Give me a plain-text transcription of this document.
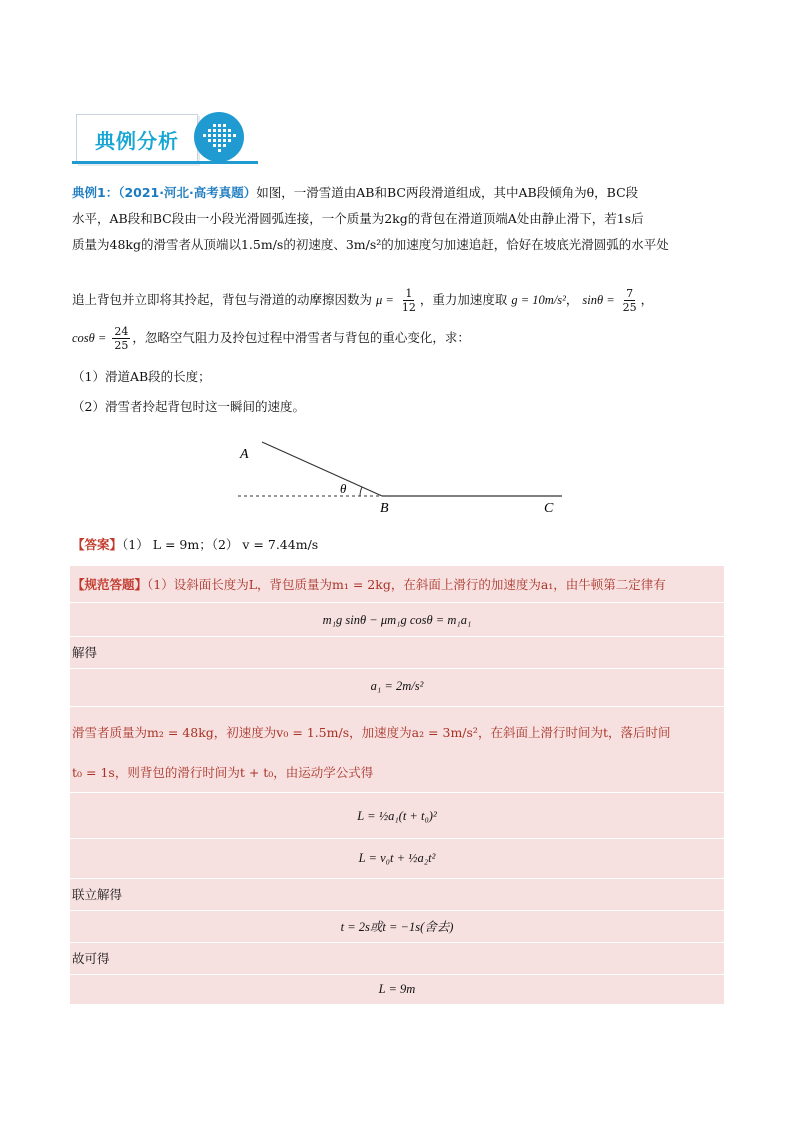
典例分析
典例1：（2021·河北·高考真题）如图，一滑雪道由AB和BC两段滑道组成，其中AB段倾角为θ，BC段
水平，AB段和BC段由一小段光滑圆弧连接，一个质量为2kg的背包在滑道顶端A处由静止滑下，若1s后
质量为48kg的滑雪者从顶端以1.5m/s的初速度、3m/s²的加速度匀加速追赶，恰好在坡底光滑圆弧的水平处
追上背包并立即将其拎起，背包与滑道的动摩擦因数为 $\mu = \frac{1}{12}$ ，重力加速度取 g = 10m/s²， $\sin\theta = \frac{7}{25}$ ，
$\cos\theta = \frac{24}{25}$ ，忽略空气阻力及拎包过程中滑雪者与背包的重心变化，求：
（1）滑道AB段的长度；
（2）滑雪者拎起背包时这一瞬间的速度。
A
θ
B	C
【答案】（1） L = 9m；（2） v = 7.44m/s
【规范答题】（1）设斜面长度为L，背包质量为m₁ = 2kg，在斜面上滑行的加速度为a₁，由牛顿第二定律有
m₁g sinθ − μm₁g cosθ = m₁a₁
解得
a₁ = 2m/s²
滑雪者质量为m₂ = 48kg，初速度为v₀ = 1.5m/s，加速度为a₂ = 3m/s²，在斜面上滑行时间为t，落后时间
t₀ = 1s，则背包的滑行时间为t + t₀，由运动学公式得
L = ½a₁(t + t₀)²
L = v₀t + ½a₂t²
联立解得
t = 2s或t = −1s(舍去)
故可得
L = 9m
